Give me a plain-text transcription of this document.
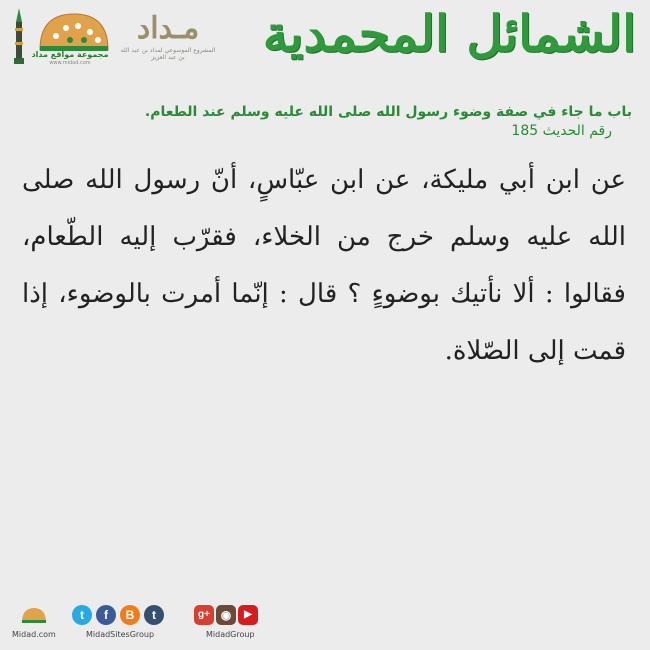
الشمائل المحمدية
مـداد
المشروع الموسوعي لمداد بن عبد الله بن عبد العزيز
مجموعة مواقع مداد
www.midad.com
باب ما جاء في صفة وضوء رسول الله صلى الله عليه وسلم عند الطعام.
رقم الحديث 185
عن ابن أبي مليكة، عن ابن عبّاسٍ، أنّ رسول الله صلى الله عليه وسلم خرج من الخلاء، فقرّب إليه الطّعام، فقالوا : ألا نأتيك بوضوءٍ ؟ قال : إنّما أمرت بالوضوء، إذا قمت إلى الصّلاة.
Midad.com
t	f	B	t
MidadSitesGroup
g+ ◉	▶
MidadGroup
